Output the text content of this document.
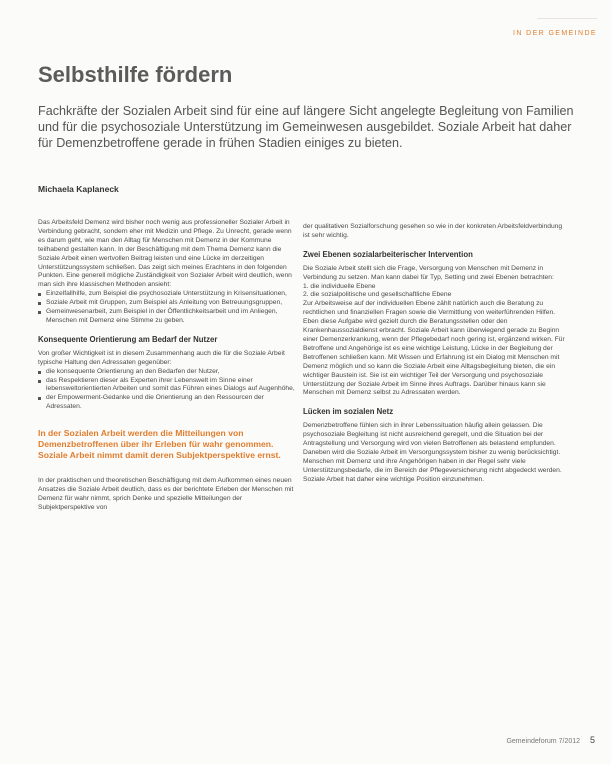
IN DER GEMEINDE
Selbsthilfe fördern

Fachkräfte der Sozialen Arbeit sind für eine auf längere Sicht angelegte Begleitung von Familien und für die psychosoziale Unterstützung im Gemeinwesen ausgebildet. Soziale Arbeit hat daher für Demenzbetroffene gerade in frühen Stadien einiges zu bieten.

Michaela Kaplaneck

Das Arbeitsfeld Demenz wird bisher noch wenig aus professioneller Sozialer Arbeit in Verbindung gebracht, sondern eher mit Medizin und Pflege. Zu Unrecht, gerade wenn es darum geht, wie man den Alltag für Menschen mit Demenz in der Kommune teilhabend gestalten kann. In der Beschäftigung mit dem Thema Demenz kann die Soziale Arbeit einen wertvollen Beitrag leisten und eine Lücke im derzeitigen Unterstützungssystem schließen. Das zeigt sich meines Erachtens in den folgenden Punkten. Eine generell mögliche Zuständigkeit von Sozialer Arbeit wird deutlich, wenn man sich ihre klassischen Methoden ansieht:

Einzelfallhilfe, zum Beispiel die psychosoziale Unterstützung in Krisensituationen,
Soziale Arbeit mit Gruppen, zum Beispiel als Anleitung von Betreuungsgruppen,
Gemeinwesenarbeit, zum Beispiel in der Öffentlichkeitsarbeit und im Anliegen, Menschen mit Demenz eine Stimme zu geben.

Konsequente Orientierung am Bedarf der Nutzer

Von großer Wichtigkeit ist in diesem Zusammenhang auch die für die Soziale Arbeit typische Haltung den Adressaten gegenüber:

die konsequente Orientierung an den Bedarfen der Nutzer,
das Respektieren dieser als Experten ihrer Lebenswelt im Sinne einer lebensweltorientierten Arbeiten und somit das Führen eines Dialogs auf Augenhöhe,
der Empowerment-Gedanke und die Orientierung an den Ressourcen der Adressaten.

In der Sozialen Arbeit werden die Mitteilungen von Demenzbetroffenen über ihr Erleben für wahr genommen. Soziale Arbeit nimmt damit deren Subjektperspektive ernst.

In der praktischen und theoretischen Beschäftigung mit dem Aufkommen eines neuen Ansatzes die Soziale Arbeit deutlich, dass es der berichtete Erleben der Menschen mit Demenz für wahr nimmt, sprich Denke und spezielle Mitteilungen der Subjektperspektive von

der qualitativen Sozialforschung gesehen so wie in der konkreten Arbeitsfeldverbindung ist sehr wichtig.

Zwei Ebenen sozialarbeiterischer Intervention

Die Soziale Arbeit stellt sich die Frage, Versorgung von Menschen mit Demenz in Verbindung zu setzen. Man kann dabei für Typ, Setting und zwei Ebenen betrachten:

1. die individuelle Ebene
2. die sozialpolitische und gesellschaftliche Ebene

Zur Arbeitsweise auf der individuellen Ebene zählt natürlich auch die Beratung zu rechtlichen und finanziellen Fragen sowie die Vermittlung von weiterführenden Hilfen. Eben diese Aufgabe wird gezielt durch die Beratungsstellen oder den Krankenhaussozialdienst erbracht. Soziale Arbeit kann überwiegend gerade zu Beginn einer Demenzerkrankung, wenn der Pflegebedarf noch gering ist, ergänzend wirken. Für Betroffene und Angehörige ist es eine wichtige Leistung, Lücke in der Begleitung der Betroffenen schließen kann. Mit Wissen und Erfahrung ist ein Dialog mit Menschen mit Demenz möglich und so kann die Soziale Arbeit eine Alltagsbegleitung bieten, die ein wichtiger Baustein ist. Sie ist ein wichtiger Teil der Versorgung und psychosoziale Unterstützung der Soziale Arbeit im Sinne ihres Auftrags. Darüber hinaus kann sie Menschen mit Demenz selbst zu Adressaten werden.

Lücken im sozialen Netz

Demenzbetroffene fühlen sich in ihrer Lebenssituation häufig allein gelassen. Die psychosoziale Begleitung ist nicht ausreichend geregelt, und die Situation bei der Antragstellung und Versorgung wird von vielen Betroffenen als belastend empfunden. Daneben wird die Soziale Arbeit im Versorgungssystem bisher zu wenig berücksichtigt. Menschen mit Demenz und ihre Angehörigen haben in der Regel sehr viele Unterstützungsbedarfe, die im Bereich der Pflegeversicherung nicht abgedeckt werden. Soziale Arbeit hat daher eine wichtige Position einzunehmen.

Gemeindeforum 7/2012 5
